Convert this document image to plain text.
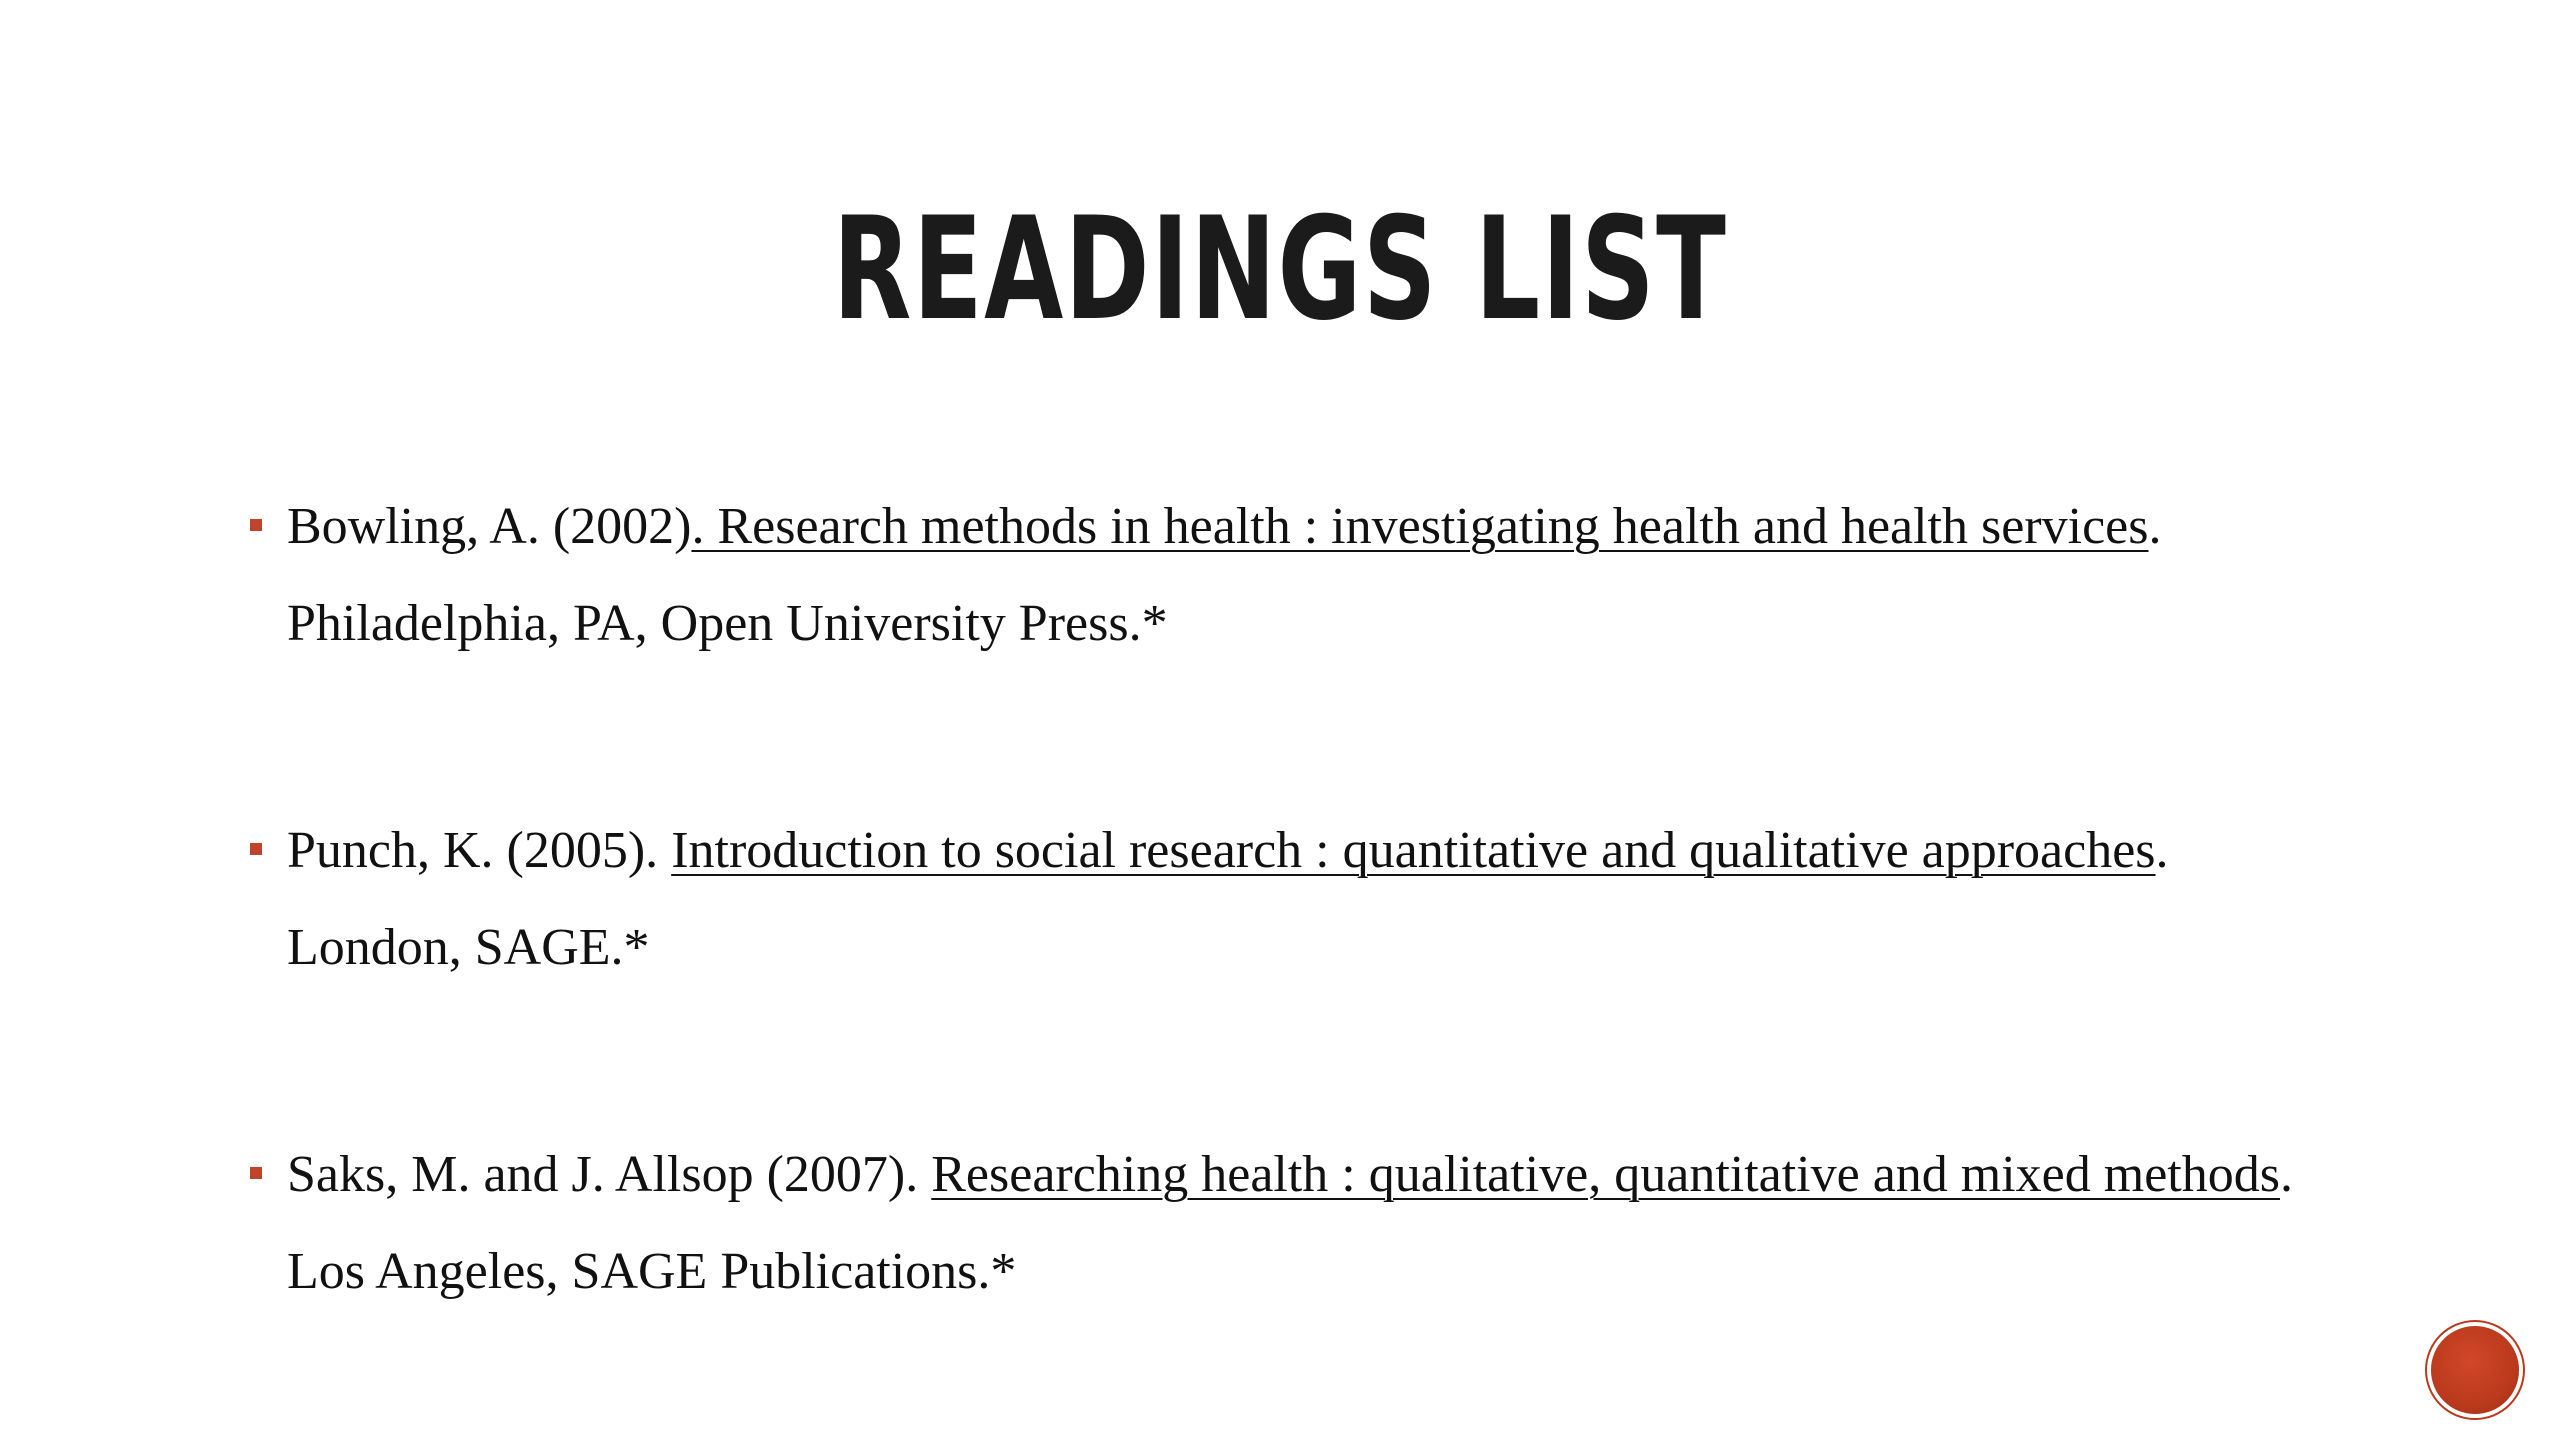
READINGS LIST
Bowling, A. (2002). Research methods in health : investigating health and health services. Philadelphia, PA, Open University Press.*
Punch, K. (2005). Introduction to social research : quantitative and qualitative approaches. London, SAGE.*
Saks, M. and J. Allsop (2007). Researching health : qualitative, quantitative and mixed methods. Los Angeles, SAGE Publications.*
